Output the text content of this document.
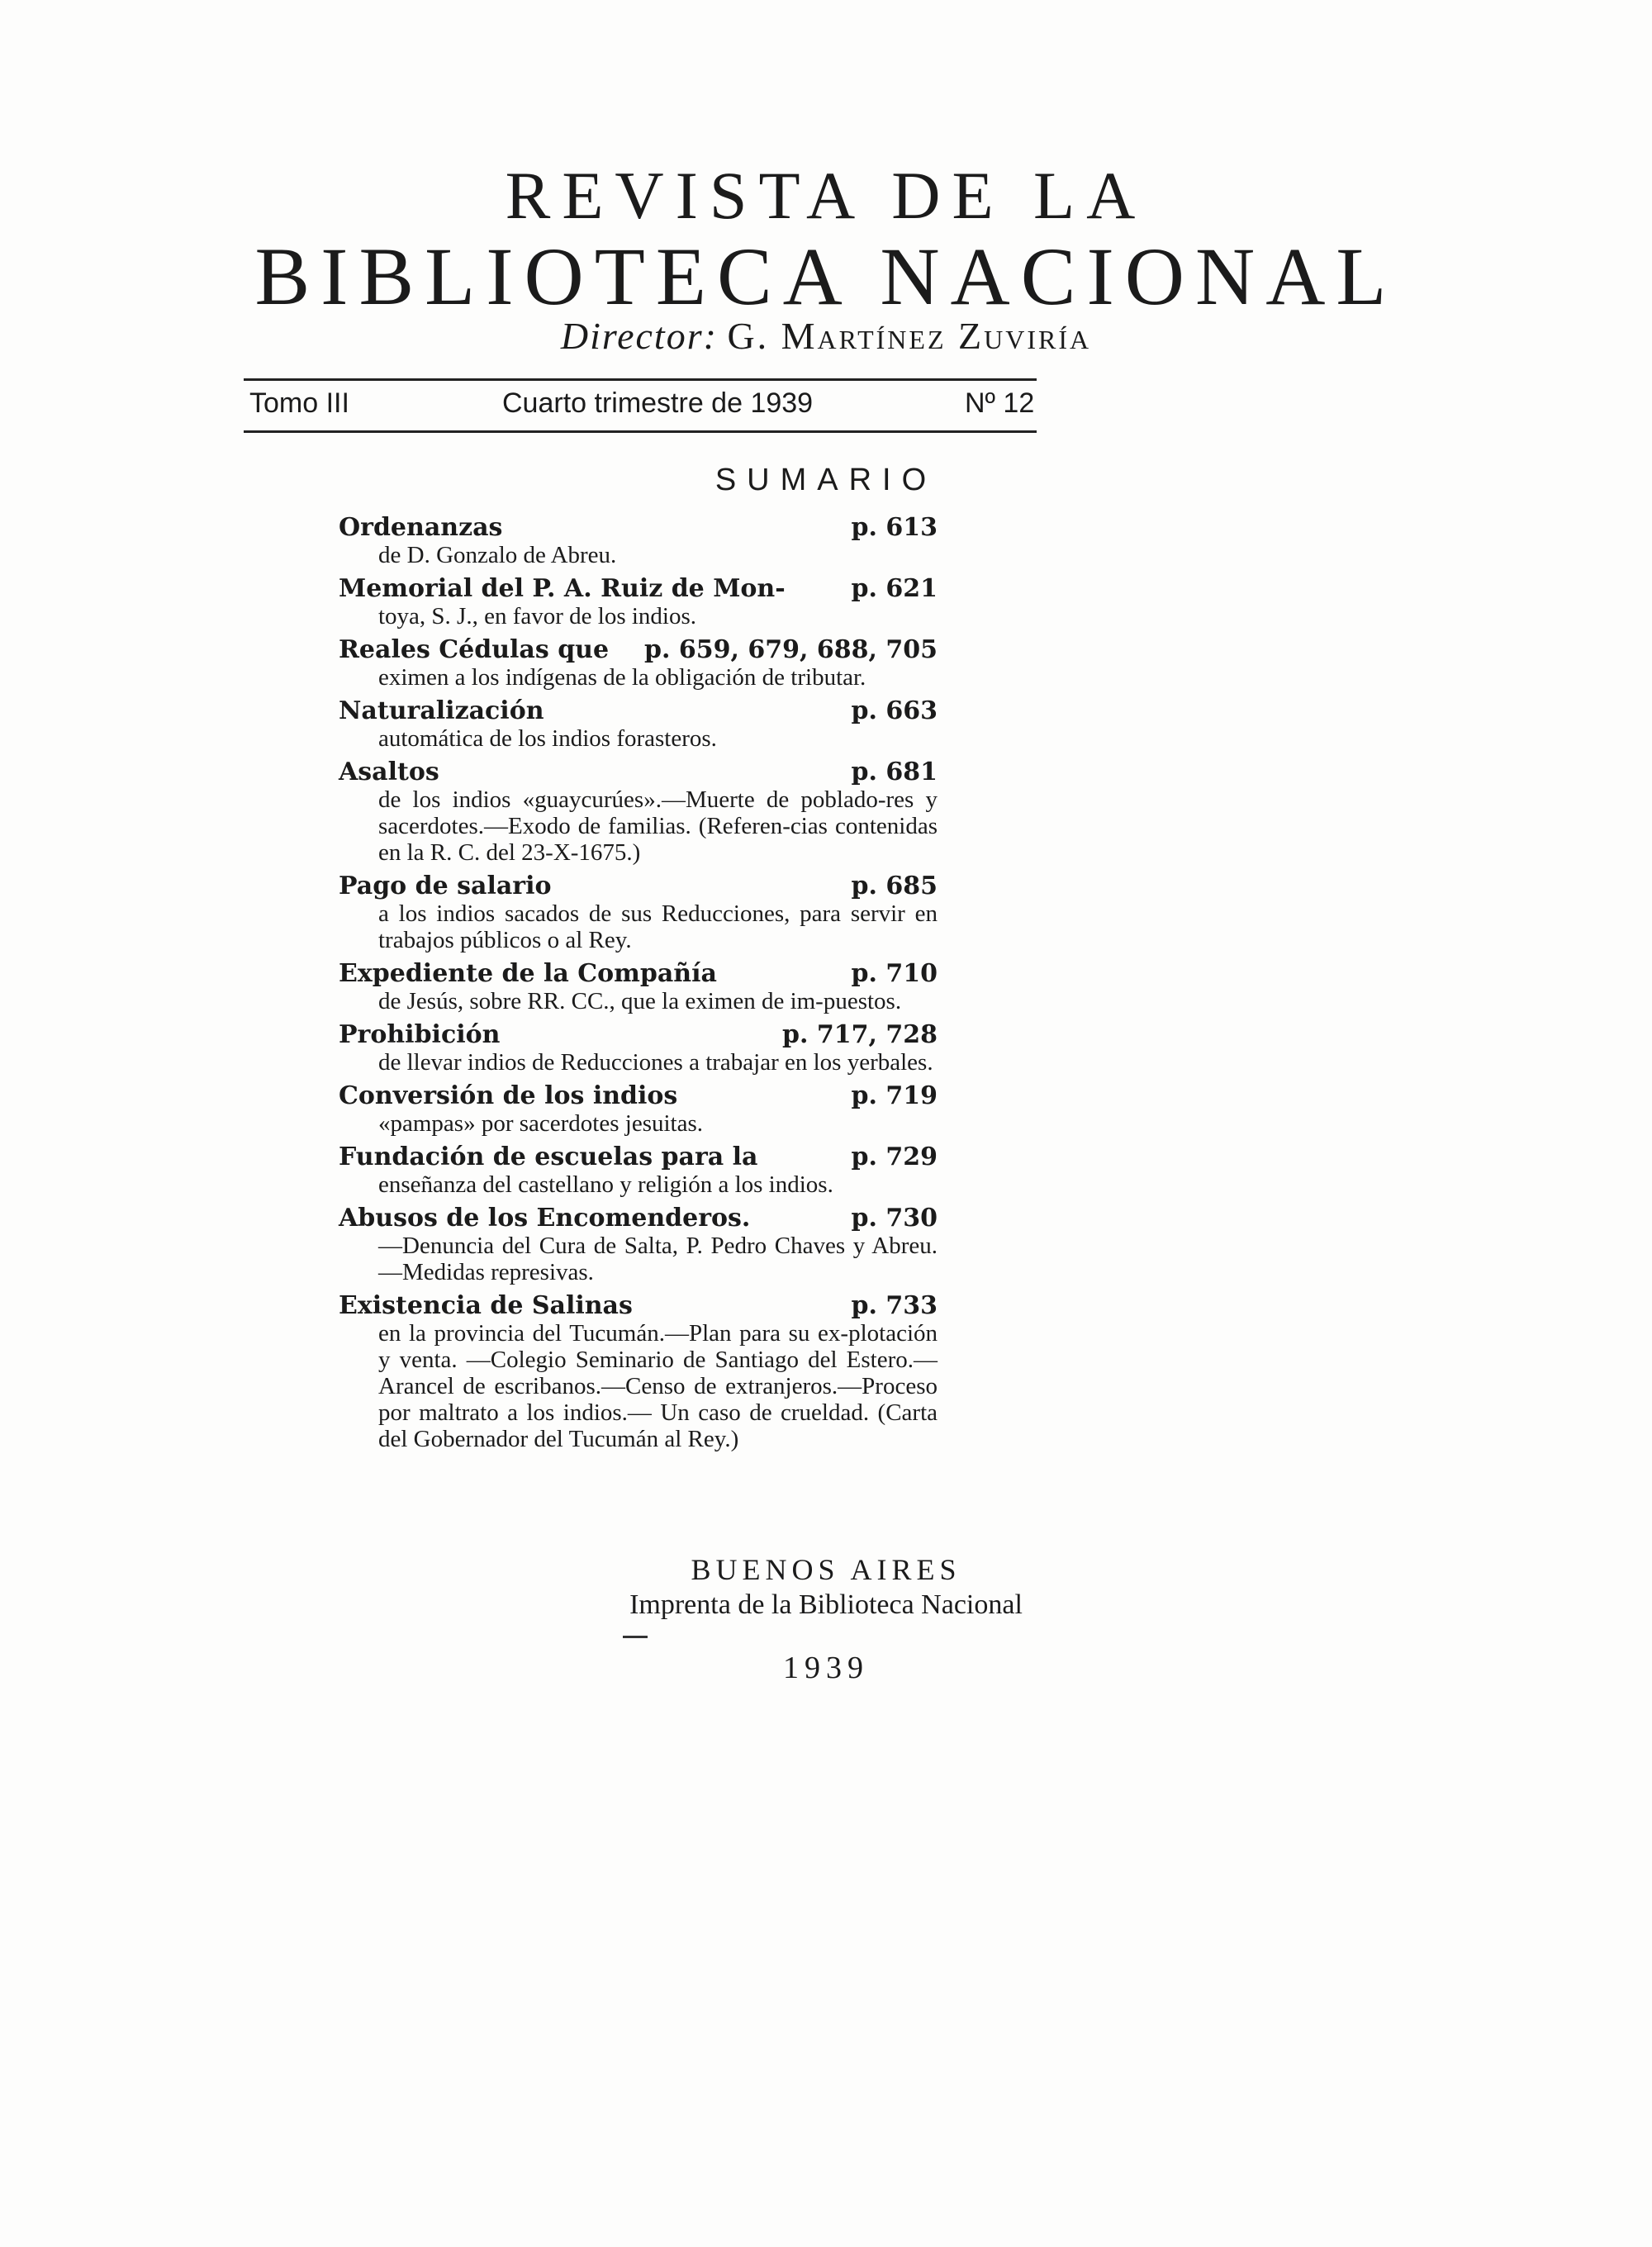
REVISTA DE LA
BIBLIOTECA NACIONAL
Director: G. Martínez Zuviría
Tomo III	Cuarto trimestre de 1939	Nº 12
SUMARIO
Ordenanzas	p. 613
de D. Gonzalo de Abreu.
Memorial del P. A. Ruiz de Mon-	p. 621
toya, S. J., en favor de los indios.
Reales Cédulas que	p. 659, 679, 688, 705
eximen a los indígenas de la obligación de tributar.
Naturalización	p. 663
automática de los indios forasteros.
Asaltos	p. 681
de los indios «guaycurúes».—Muerte de poblado-res y sacerdotes.—Exodo de familias. (Referen-cias contenidas en la R. C. del 23-X-1675.)
Pago de salario	p. 685
a los indios sacados de sus Reducciones, para servir en trabajos públicos o al Rey.
Expediente de la Compañía	p. 710
de Jesús, sobre RR. CC., que la eximen de im-puestos.
Prohibición	p. 717, 728
de llevar indios de Reducciones a trabajar en los yerbales.
Conversión de los indios	p. 719
«pampas» por sacerdotes jesuitas.
Fundación de escuelas para la	p. 729
enseñanza del castellano y religión a los indios.
Abusos de los Encomenderos.	p. 730
—Denuncia del Cura de Salta, P. Pedro Chaves y Abreu.—Medidas represivas.
Existencia de Salinas	p. 733
en la provincia del Tucumán.—Plan para su ex-plotación y venta. —Colegio Seminario de Santiago del Estero.—Arancel de escribanos.—Censo de extranjeros.—Proceso por maltrato a los indios.— Un caso de crueldad. (Carta del Gobernador del Tucumán al Rey.)
BUENOS AIRES
Imprenta de la Biblioteca Nacional
1939
